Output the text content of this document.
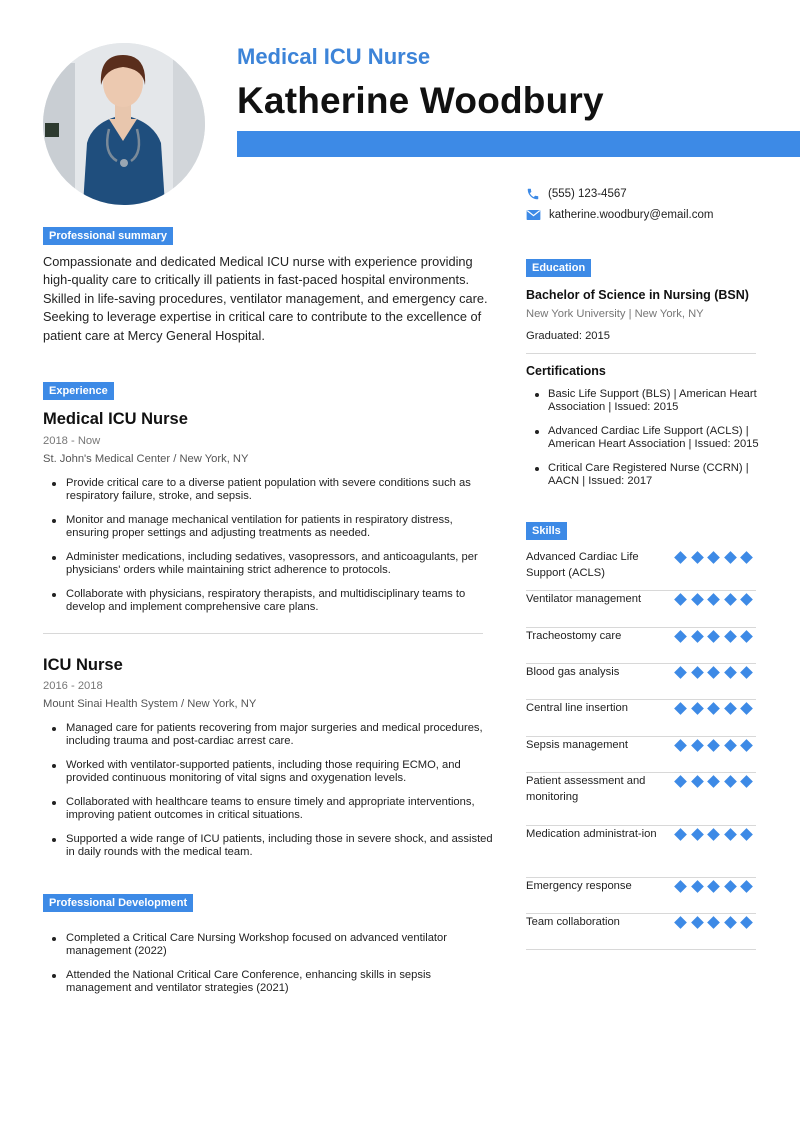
Medical ICU Nurse
Katherine Woodbury
(555) 123-4567
katherine.woodbury@email.com
Professional summary
Compassionate and dedicated Medical ICU nurse with experience providing high-quality care to critically ill patients in fast-paced hospital environments. Skilled in life-saving procedures, ventilator management, and emergency care. Seeking to leverage expertise in critical care to contribute to the excellence of patient care at Mercy General Hospital.
Experience
Medical ICU Nurse
2018 - Now
St. John's Medical Center / New York, NY
Provide critical care to a diverse patient population with severe conditions such as respiratory failure, stroke, and sepsis.
Monitor and manage mechanical ventilation for patients in respiratory distress, ensuring proper settings and adjusting treatments as needed.
Administer medications, including sedatives, vasopressors, and anticoagulants, per physicians' orders while maintaining strict adherence to protocols.
Collaborate with physicians, respiratory therapists, and multidisciplinary teams to develop and implement comprehensive care plans.
ICU Nurse
2016 - 2018
Mount Sinai Health System / New York, NY
Managed care for patients recovering from major surgeries and medical procedures, including trauma and post-cardiac arrest care.
Worked with ventilator-supported patients, including those requiring ECMO, and provided continuous monitoring of vital signs and oxygenation levels.
Collaborated with healthcare teams to ensure timely and appropriate interventions, improving patient outcomes in critical situations.
Supported a wide range of ICU patients, including those in severe shock, and assisted in daily rounds with the medical team.
Professional Development
Completed a Critical Care Nursing Workshop focused on advanced ventilator management (2022)
Attended the National Critical Care Conference, enhancing skills in sepsis management and ventilator strategies (2021)
Education
Bachelor of Science in Nursing (BSN)
New York University | New York, NY
Graduated: 2015
Certifications
Basic Life Support (BLS) | American Heart Association | Issued: 2015
Advanced Cardiac Life Support (ACLS) | American Heart Association | Issued: 2015
Critical Care Registered Nurse (CCRN) | AACN | Issued: 2017
Skills
Advanced Cardiac Life Support (ACLS)
Ventilator management
Tracheostomy care
Blood gas analysis
Central line insertion
Sepsis management
Patient assessment and monitoring
Medication administrat-ion
Emergency response
Team collaboration
